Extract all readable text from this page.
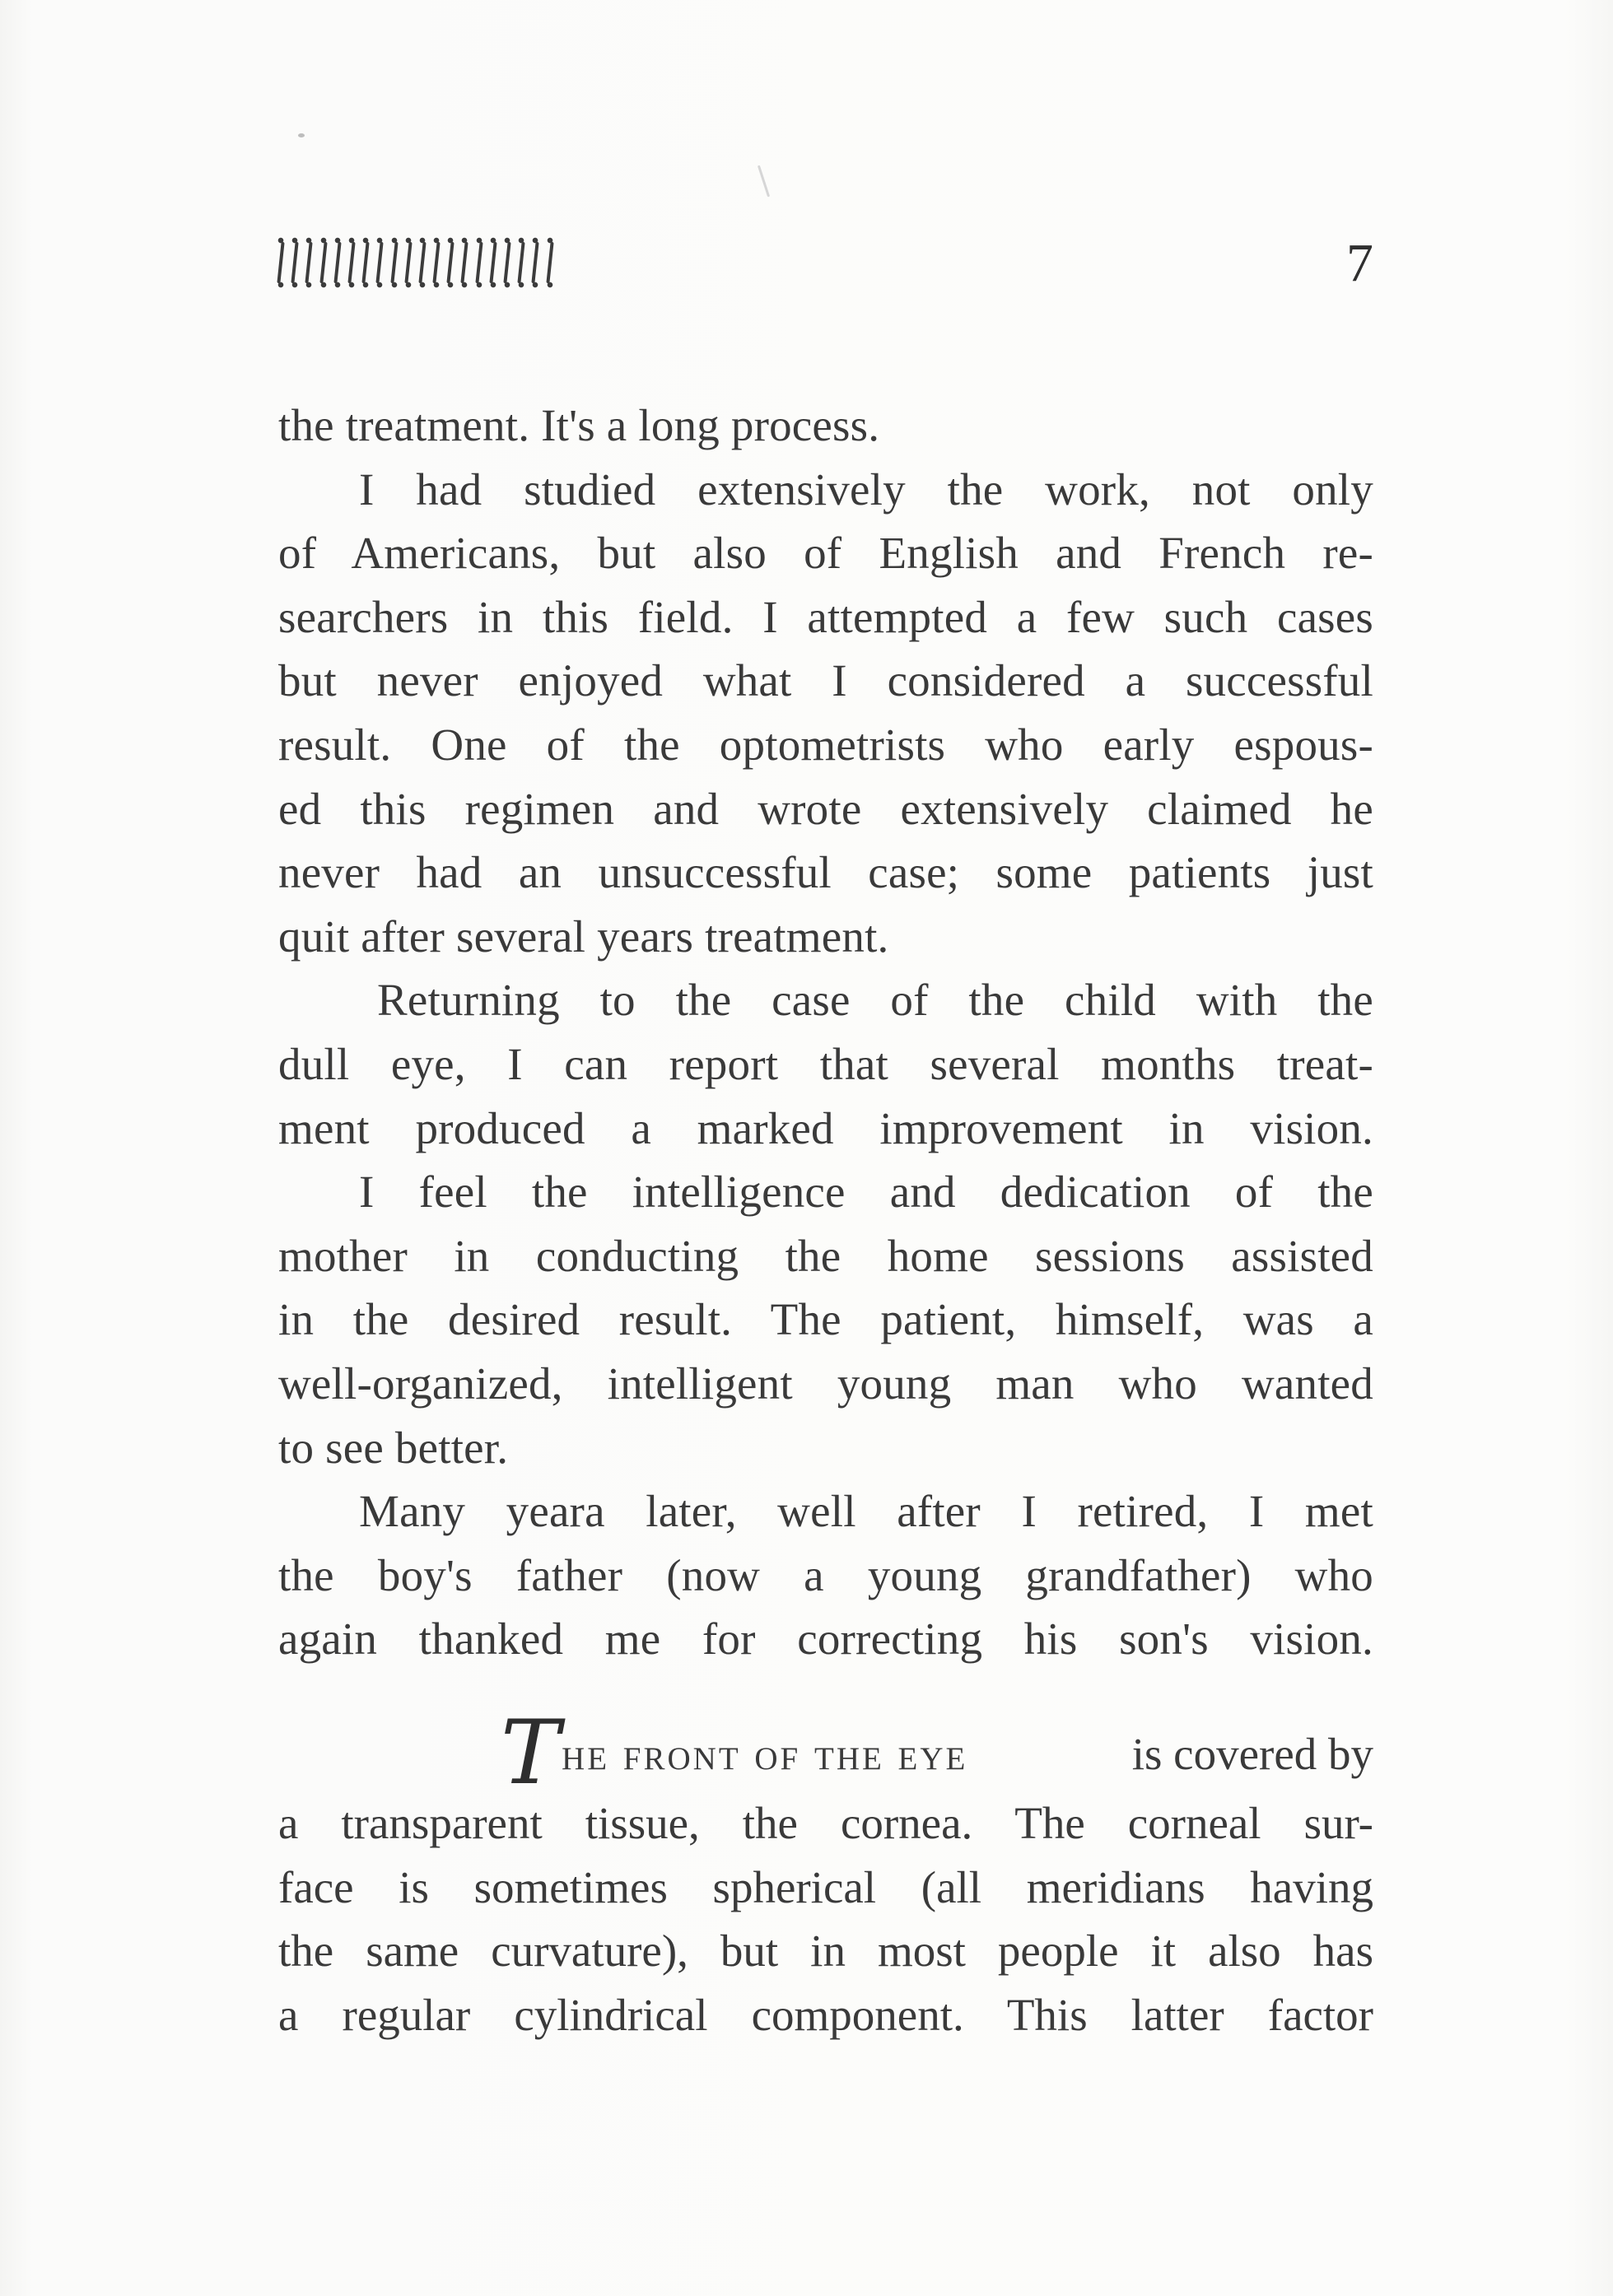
7
the treatment. It's a long process.
I had studied extensively the work, not only
of Americans, but also of English and French re-
searchers in this field. I attempted a few such cases
but never enjoyed what I considered a successful
result. One of the optometrists who early espous-
ed this regimen and wrote extensively claimed he
never had an unsuccessful case; some patients just
quit after several years treatment.
Returning to the case of the child with the
dull eye, I can report that several months treat-
ment produced a marked improvement in vision.
I feel the intelligence and dedication of the
mother in conducting the home sessions assisted
in the desired result. The patient, himself, was a
well-organized, intelligent young man who wanted
to see better.
Many yeara later, well after I retired, I met
the boy's father (now a young grandfather) who
again thanked me for correcting his son's vision.
T he front of the eye	is covered by
a transparent tissue, the cornea. The corneal sur-
face is sometimes spherical (all meridians having
the same curvature), but in most people it also has
a regular cylindrical component. This latter factor
